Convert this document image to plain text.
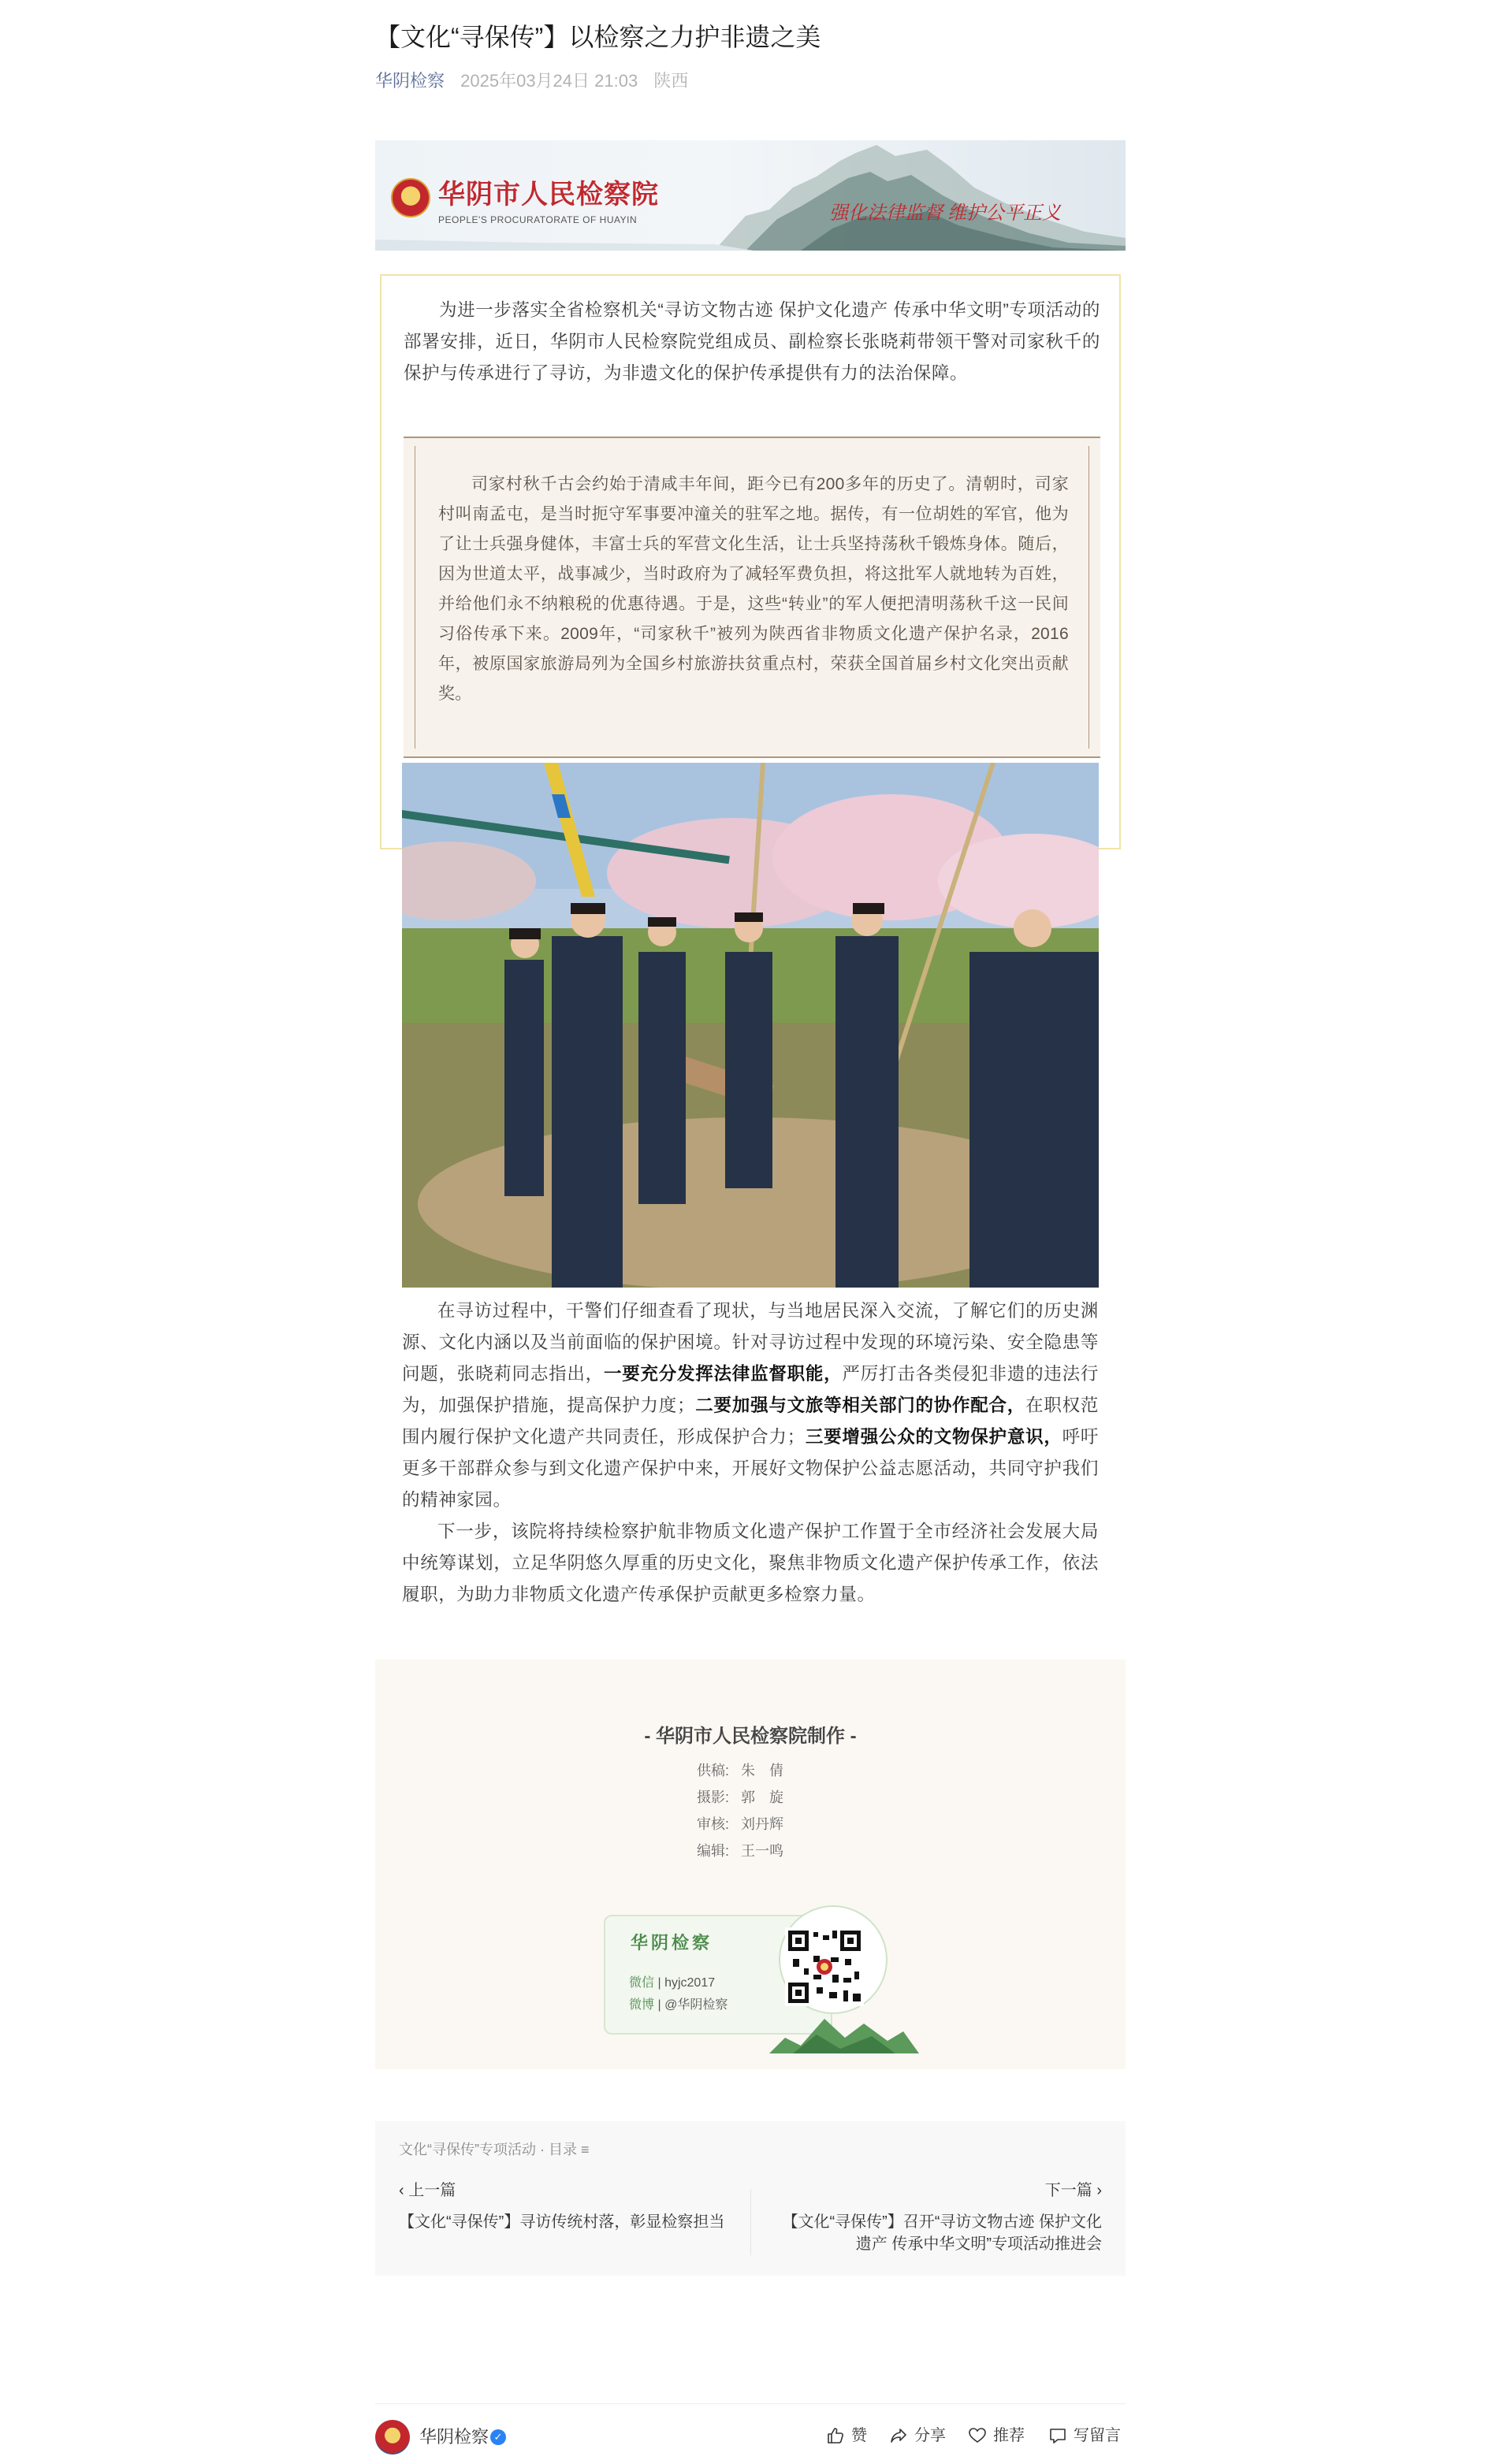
【文化“寻保传”】以检察之力护非遗之美
华阴检察 2025年03月24日 21:03 陕西
华阴市人民检察院
PEOPLE'S PROCURATORATE OF HUAYIN	强化法律监督 维护公平正义

为进一步落实全省检察机关“寻访文物古迹 保护文化遗产 传承中华文明”专项活动的部署安排，近日，华阴市人民检察院党组成员、副检察长张晓莉带领干警对司家秋千的保护与传承进行了寻访，为非遗文化的保护传承提供有力的法治保障。

司家村秋千古会约始于清咸丰年间，距今已有200多年的历史了。清朝时，司家村叫南孟屯，是当时扼守军事要冲潼关的驻军之地。据传，有一位胡姓的军官，他为了让士兵强身健体，丰富士兵的军营文化生活，让士兵坚持荡秋千锻炼身体。随后，因为世道太平，战事减少，当时政府为了减轻军费负担，将这批军人就地转为百姓，并给他们永不纳粮税的优惠待遇。于是，这些“转业”的军人便把清明荡秋千这一民间习俗传承下来。2009年，“司家秋千”被列为陕西省非物质文化遗产保护名录，2016年，被原国家旅游局列为全国乡村旅游扶贫重点村，荣获全国首届乡村文化突出贡献奖。

在寻访过程中，干警们仔细查看了现状，与当地居民深入交流，了解它们的历史渊源、文化内涵以及当前面临的保护困境。针对寻访过程中发现的环境污染、安全隐患等问题，张晓莉同志指出，一要充分发挥法律监督职能，严厉打击各类侵犯非遗的违法行为，加强保护措施，提高保护力度；二要加强与文旅等相关部门的协作配合，在职权范围内履行保护文化遗产共同责任，形成保护合力；三要增强公众的文物保护意识，呼吁更多干部群众参与到文化遗产保护中来，开展好文物保护公益志愿活动，共同守护我们的精神家园。

下一步，该院将持续检察护航非物质文化遗产保护工作置于全市经济社会发展大局中统筹谋划，立足华阴悠久厚重的历史文化，聚焦非物质文化遗产保护传承工作，依法履职，为助力非物质文化遗产传承保护贡献更多检察力量。

- 华阴市人民检察院制作 -
供稿: 朱　倩
摄影: 郭　旋
审核: 刘丹辉
编辑: 王一鸣
华阴检察
微信 | hyjc2017
微博 | @华阴检察
文化“寻保传”专项活动 · 目录 ≡
‹ 上一篇	下一篇 ›
【文化“寻保传”】寻访传统村落，彰显检察担当	【文化“寻保传”】召开“寻访文物古迹 保护文化遗产 传承中华文明”专项活动推进会
华阴检察 ✓	赞	分享	推荐	写留言
